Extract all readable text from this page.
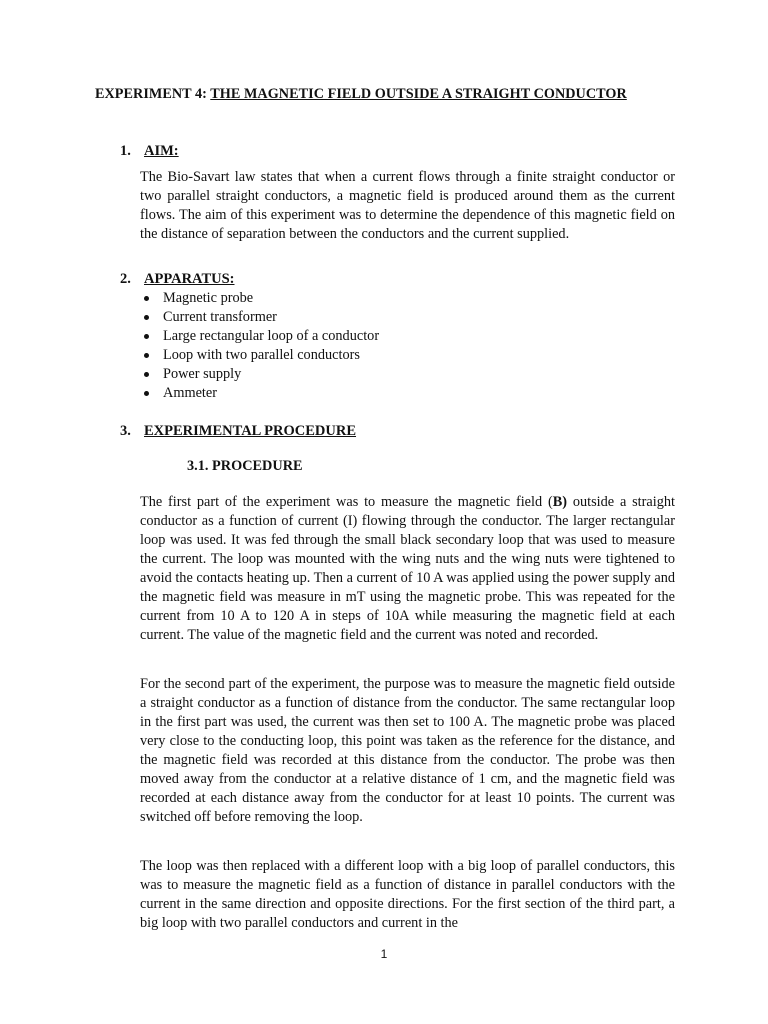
EXPERIMENT 4: THE MAGNETIC FIELD OUTSIDE A STRAIGHT CONDUCTOR
1. AIM:

The Bio-Savart law states that when a current flows through a finite straight conductor or two parallel straight conductors, a magnetic field is produced around them as the current flows. The aim of this experiment was to determine the dependence of this magnetic field on the distance of separation between the conductors and the current supplied.

2. APPARATUS:
Magnetic probe
Current transformer
Large rectangular loop of a conductor
Loop with two parallel conductors
Power supply
Ammeter
3. EXPERIMENTAL PROCEDURE
3.1. PROCEDURE

The first part of the experiment was to measure the magnetic field (B) outside a straight conductor as a function of current (I) flowing through the conductor. The larger rectangular loop was used. It was fed through the small black secondary loop that was used to measure the current. The loop was mounted with the wing nuts and the wing nuts were tightened to avoid the contacts heating up. Then a current of 10 A was applied using the power supply and the magnetic field was measure in mT using the magnetic probe. This was repeated for the current from 10 A to 120 A in steps of 10A while measuring the magnetic field at each current. The value of the magnetic field and the current was noted and recorded.

For the second part of the experiment, the purpose was to measure the magnetic field outside a straight conductor as a function of distance from the conductor. The same rectangular loop in the first part was used, the current was then set to 100 A. The magnetic probe was placed very close to the conducting loop, this point was taken as the reference for the distance, and the magnetic field was recorded at this distance from the conductor. The probe was then moved away from the conductor at a relative distance of 1 cm, and the magnetic field was recorded at each distance away from the conductor for at least 10 points. The current was switched off before removing the loop.

The loop was then replaced with a different loop with a big loop of parallel conductors, this was to measure the magnetic field as a function of distance in parallel conductors with the current in the same direction and opposite directions. For the first section of the third part, a big loop with two parallel conductors and current in the

1
